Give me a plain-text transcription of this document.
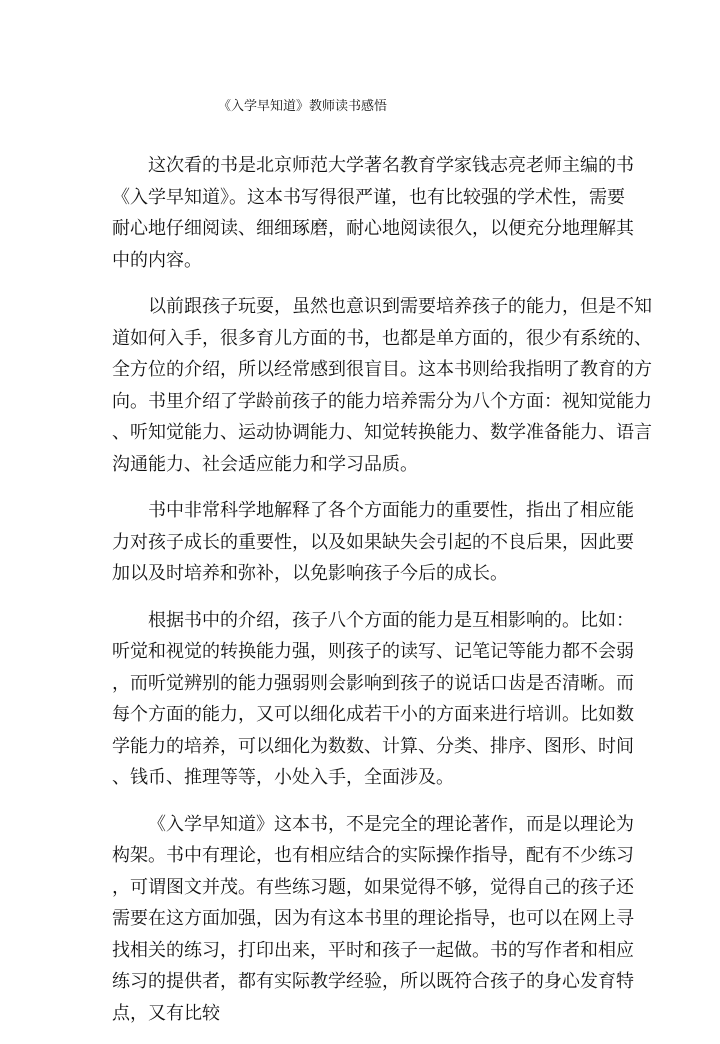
《入学早知道》教师读书感悟

这次看的书是北京师范大学著名教育学家钱志亮老师主编的书
《入学早知道》。这本书写得很严谨，也有比较强的学术性，需要
耐心地仔细阅读、细细琢磨，耐心地阅读很久，以便充分地理解其
中的内容。

以前跟孩子玩耍，虽然也意识到需要培养孩子的能力，但是不知
道如何入手，很多育儿方面的书，也都是单方面的，很少有系统的、
全方位的介绍，所以经常感到很盲目。这本书则给我指明了教育的方
向。书里介绍了学龄前孩子的能力培养需分为八个方面：视知觉能力
、听知觉能力、运动协调能力、知觉转换能力、数学准备能力、语言
沟通能力、社会适应能力和学习品质。

书中非常科学地解释了各个方面能力的重要性，指出了相应能
力对孩子成长的重要性，以及如果缺失会引起的不良后果，因此要
加以及时培养和弥补，以免影响孩子今后的成长。

根据书中的介绍，孩子八个方面的能力是互相影响的。比如：
听觉和视觉的转换能力强，则孩子的读写、记笔记等能力都不会弱
，而听觉辨别的能力强弱则会影响到孩子的说话口齿是否清晰。而
每个方面的能力，又可以细化成若干小的方面来进行培训。比如数
学能力的培养，可以细化为数数、计算、分类、排序、图形、时间
、钱币、推理等等，小处入手，全面涉及。

《入学早知道》这本书，不是完全的理论著作，而是以理论为
构架。书中有理论，也有相应结合的实际操作指导，配有不少练习
，可谓图文并茂。有些练习题，如果觉得不够，觉得自己的孩子还
需要在这方面加强，因为有这本书里的理论指导，也可以在网上寻
找相关的练习，打印出来，平时和孩子一起做。书的写作者和相应
练习的提供者，都有实际教学经验，所以既符合孩子的身心发育特
点，又有比较
